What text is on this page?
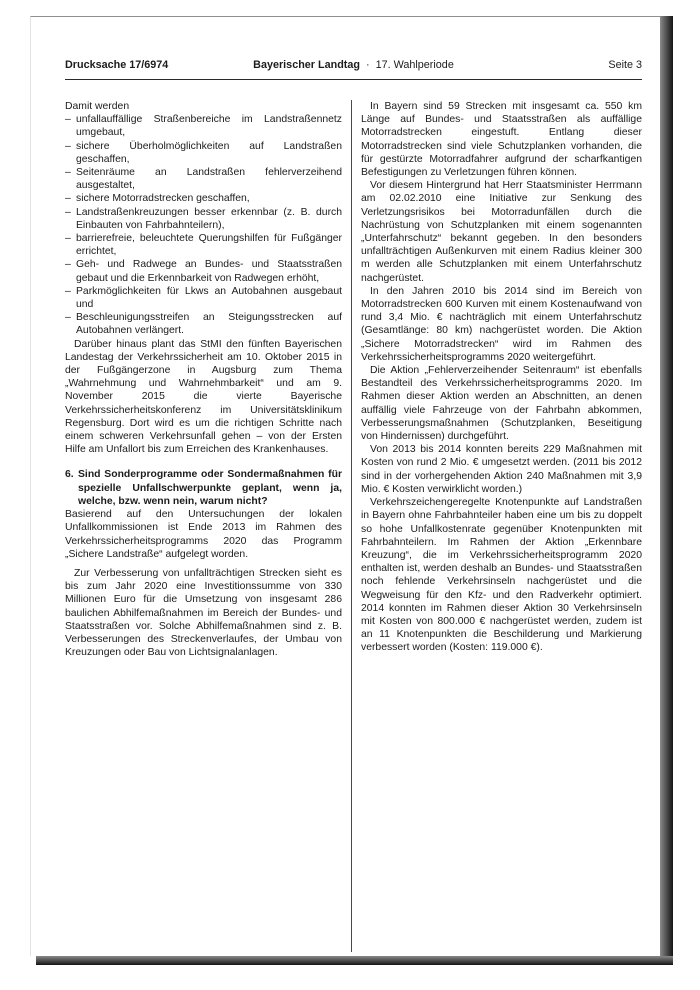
Drucksache 17/6974	Bayerischer Landtag · 17. Wahlperiode	Seite 3

Damit werden

– unfallauffällige Straßenbereiche im Landstraßennetz umgebaut,
– sichere Überholmöglichkeiten auf Landstraßen geschaffen,
– Seitenräume an Landstraßen fehlerverzeihend ausgestaltet,
– sichere Motorradstrecken geschaffen,
– Landstraßenkreuzungen besser erkennbar (z. B. durch Einbauten von Fahrbahnteilern),
– barrierefreie, beleuchtete Querungshilfen für Fußgänger errichtet,
– Geh- und Radwege an Bundes- und Staatsstraßen gebaut und die Erkennbarkeit von Radwegen erhöht,
– Parkmöglichkeiten für Lkws an Autobahnen ausgebaut und
– Beschleunigungsstreifen an Steigungsstrecken auf Autobahnen verlängert.

Darüber hinaus plant das StMI den fünften Bayerischen Landestag der Verkehrssicherheit am 10. Oktober 2015 in der Fußgängerzone in Augsburg zum Thema „Wahrnehmung und Wahrnehmbarkeit“ und am 9. November 2015 die vierte Bayerische Verkehrssicherheitskonferenz im Universitätsklinikum Regensburg. Dort wird es um die richtigen Schritte nach einem schweren Verkehrsunfall gehen – von der Ersten Hilfe am Unfallort bis zum Erreichen des Krankenhauses.

6. Sind Sonderprogramme oder Sondermaßnahmen für spezielle Unfallschwerpunkte geplant, wenn ja, welche, bzw. wenn nein, warum nicht?

Basierend auf den Untersuchungen der lokalen Unfallkommissionen ist Ende 2013 im Rahmen des Verkehrssicherheitsprogramms 2020 das Programm „Sichere Landstraße“ aufgelegt worden.

Zur Verbesserung von unfallträchtigen Strecken sieht es bis zum Jahr 2020 eine Investitionssumme von 330 Millionen Euro für die Umsetzung von insgesamt 286 baulichen Abhilfemaßnahmen im Bereich der Bundes- und Staatsstraßen vor. Solche Abhilfemaßnahmen sind z. B. Verbesserungen des Streckenverlaufes, der Umbau von Kreuzungen oder Bau von Lichtsignalanlagen.

In Bayern sind 59 Strecken mit insgesamt ca. 550 km Länge auf Bundes- und Staatsstraßen als auffällige Motorradstrecken eingestuft. Entlang dieser Motorradstrecken sind viele Schutzplanken vorhanden, die für gestürzte Motorradfahrer aufgrund der scharfkantigen Befestigungen zu Verletzungen führen können.

Vor diesem Hintergrund hat Herr Staatsminister Herrmann am 02.02.2010 eine Initiative zur Senkung des Verletzungsrisikos bei Motorradunfällen durch die Nachrüstung von Schutzplanken mit einem sogenannten „Unterfahrschutz“ bekannt gegeben. In den besonders unfallträchtigen Außenkurven mit einem Radius kleiner 300 m werden alle Schutzplanken mit einem Unterfahrschutz nachgerüstet.

In den Jahren 2010 bis 2014 sind im Bereich von Motorradstrecken 600 Kurven mit einem Kostenaufwand von rund 3,4 Mio. € nachträglich mit einem Unterfahrschutz (Gesamtlänge: 80 km) nachgerüstet worden. Die Aktion „Sichere Motorradstrecken“ wird im Rahmen des Verkehrssicherheitsprogramms 2020 weitergeführt.

Die Aktion „Fehlerverzeihender Seitenraum“ ist ebenfalls Bestandteil des Verkehrssicherheitsprogramms 2020. Im Rahmen dieser Aktion werden an Abschnitten, an denen auffällig viele Fahrzeuge von der Fahrbahn abkommen, Verbesserungsmaßnahmen (Schutzplanken, Beseitigung von Hindernissen) durchgeführt.

Von 2013 bis 2014 konnten bereits 229 Maßnahmen mit Kosten von rund 2 Mio. € umgesetzt werden. (2011 bis 2012 sind in der vorhergehenden Aktion 240 Maßnahmen mit 3,9 Mio. € Kosten verwirklicht worden.)

Verkehrszeichengeregelte Knotenpunkte auf Landstraßen in Bayern ohne Fahrbahnteiler haben eine um bis zu doppelt so hohe Unfallkostenrate gegenüber Knotenpunkten mit Fahrbahnteilern. Im Rahmen der Aktion „Erkennbare Kreuzung“, die im Verkehrssicherheitsprogramm 2020 enthalten ist, werden deshalb an Bundes- und Staatsstraßen noch fehlende Verkehrsinseln nachgerüstet und die Wegweisung für den Kfz- und den Radverkehr optimiert. 2014 konnten im Rahmen dieser Aktion 30 Verkehrsinseln mit Kosten von 800.000 € nachgerüstet werden, zudem ist an 11 Knotenpunkten die Beschilderung und Markierung verbessert worden (Kosten: 119.000 €).
